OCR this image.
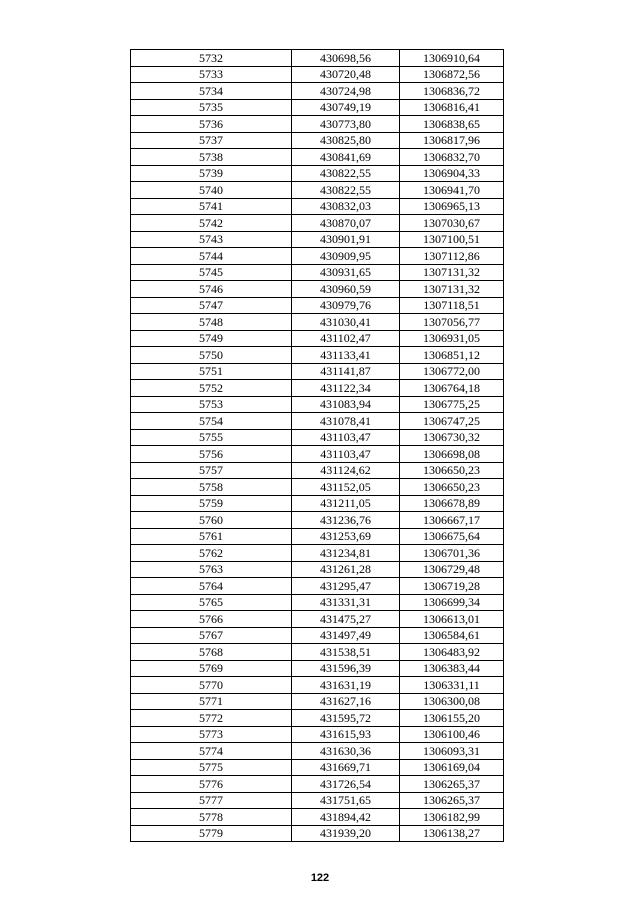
5732	430698,56	1306910,64
5733	430720,48	1306872,56
5734	430724,98	1306836,72
5735	430749,19	1306816,41
5736	430773,80	1306838,65
5737	430825,80	1306817,96
5738	430841,69	1306832,70
5739	430822,55	1306904,33
5740	430822,55	1306941,70
5741	430832,03	1306965,13
5742	430870,07	1307030,67
5743	430901,91	1307100,51
5744	430909,95	1307112,86
5745	430931,65	1307131,32
5746	430960,59	1307131,32
5747	430979,76	1307118,51
5748	431030,41	1307056,77
5749	431102,47	1306931,05
5750	431133,41	1306851,12
5751	431141,87	1306772,00
5752	431122,34	1306764,18
5753	431083,94	1306775,25
5754	431078,41	1306747,25
5755	431103,47	1306730,32
5756	431103,47	1306698,08
5757	431124,62	1306650,23
5758	431152,05	1306650,23
5759	431211,05	1306678,89
5760	431236,76	1306667,17
5761	431253,69	1306675,64
5762	431234,81	1306701,36
5763	431261,28	1306729,48
5764	431295,47	1306719,28
5765	431331,31	1306699,34
5766	431475,27	1306613,01
5767	431497,49	1306584,61
5768	431538,51	1306483,92
5769	431596,39	1306383,44
5770	431631,19	1306331,11
5771	431627,16	1306300,08
5772	431595,72	1306155,20
5773	431615,93	1306100,46
5774	431630,36	1306093,31
5775	431669,71	1306169,04
5776	431726,54	1306265,37
5777	431751,65	1306265,37
5778	431894,42	1306182,99
5779	431939,20	1306138,27
122
